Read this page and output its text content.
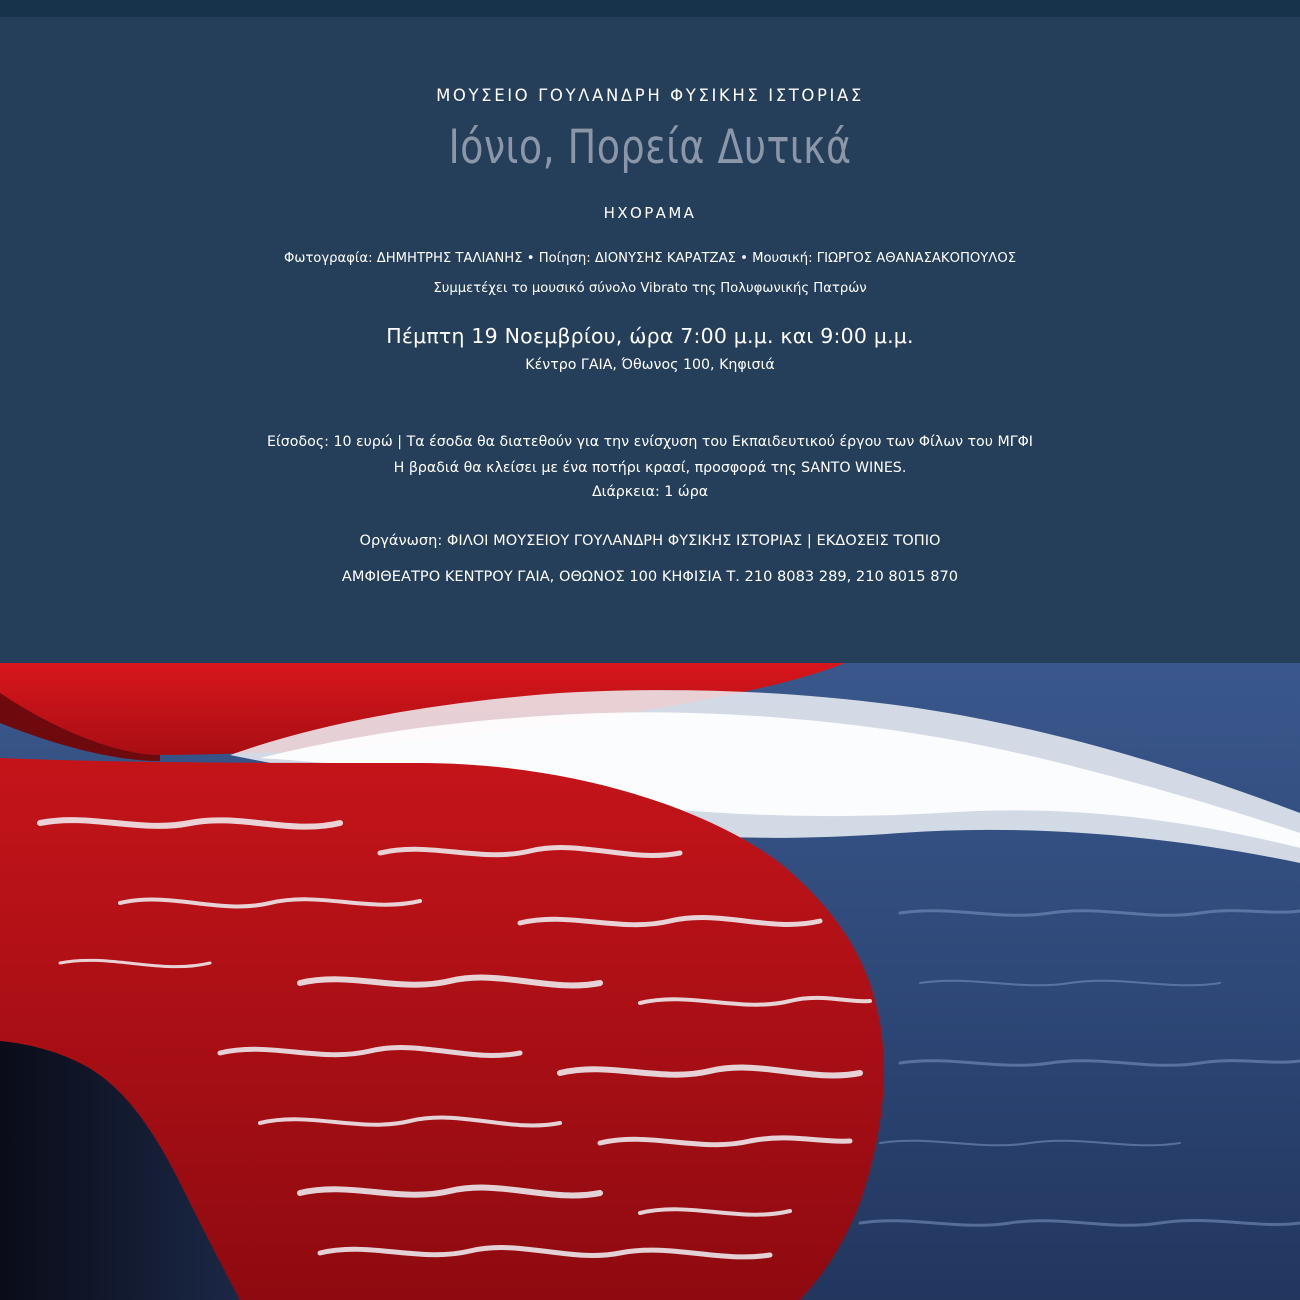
ΜΟΥΣΕΙΟ ΓΟΥΛΑΝΔΡΗ ΦΥΣΙΚΗΣ ΙΣΤΟΡΙΑΣ
Ιόνιο, Πορεία Δυτικά
ΗΧΟΡΑΜΑ
Φωτογραφία: ΔΗΜΗΤΡΗΣ ΤΑΛΙΑΝΗΣ • Ποίηση: ΔΙΟΝΥΣΗΣ ΚΑΡΑΤΖΑΣ • Μουσική: ΓΙΩΡΓΟΣ ΑΘΑΝΑΣΑΚΟΠΟΥΛΟΣ
Συμμετέχει το μουσικό σύνολο Vibrato της Πολυφωνικής Πατρών
Πέμπτη 19 Νοεμβρίου, ώρα 7:00 μ.μ. και 9:00 μ.μ.
Κέντρο ΓΑΙΑ, Όθωνος 100, Κηφισιά
Είσοδος: 10 ευρώ | Τα έσοδα θα διατεθούν για την ενίσχυση του Εκπαιδευτικού έργου των Φίλων του ΜΓΦΙ
Η βραδιά θα κλείσει με ένα ποτήρι κρασί, προσφορά της SANTO WINES.
Διάρκεια: 1 ώρα
Οργάνωση: ΦΙΛΟΙ ΜΟΥΣΕΙΟΥ ΓΟΥΛΑΝΔΡΗ ΦΥΣΙΚΗΣ ΙΣΤΟΡΙΑΣ | ΕΚΔΟΣΕΙΣ ΤΟΠΙΟ
ΑΜΦΙΘΕΑΤΡΟ ΚΕΝΤΡΟΥ ΓΑΙΑ, ΟΘΩΝΟΣ 100 ΚΗΦΙΣΙΑ Τ. 210 8083 289, 210 8015 870
